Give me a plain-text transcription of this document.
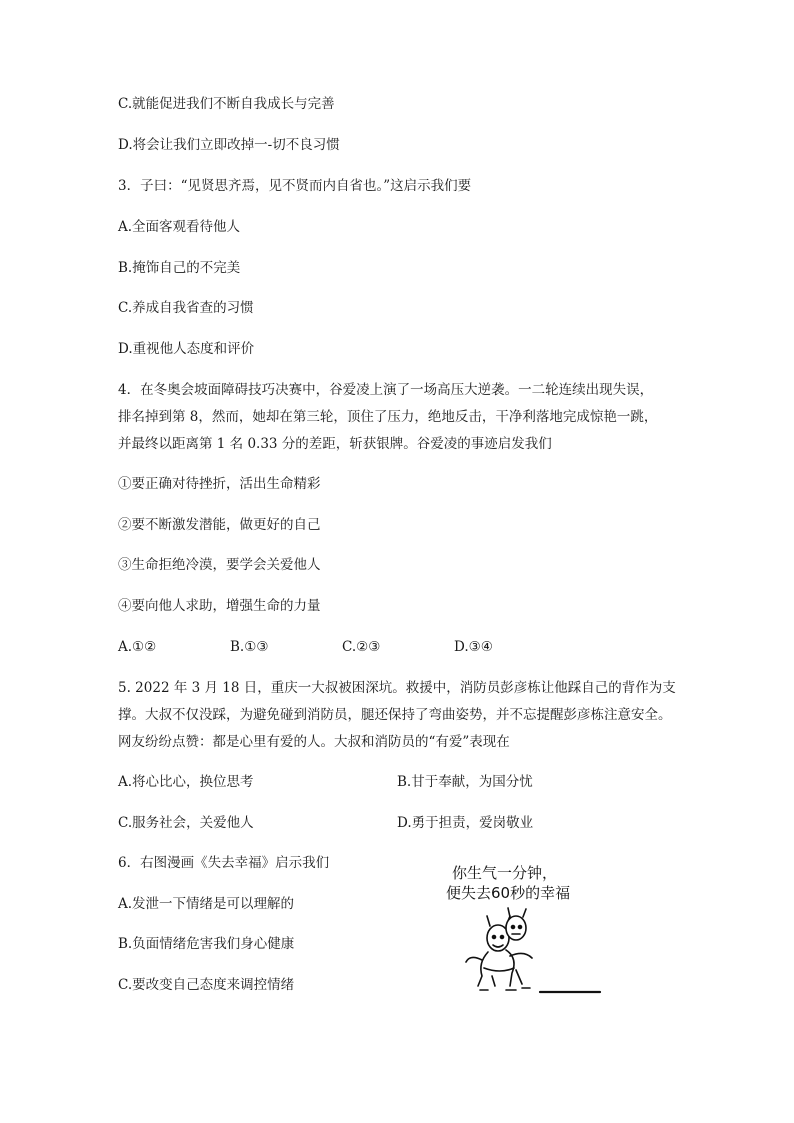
C.就能促进我们不断自我成长与完善
D.将会让我们立即改掉一-切不良习惯
3．子曰：“见贤思齐焉，见不贤而内自省也。”这启示我们要
A.全面客观看待他人
B.掩饰自己的不完美
C.养成自我省查的习惯
D.重视他人态度和评价
4．在冬奥会坡面障碍技巧决赛中，谷爱凌上演了一场高压大逆袭。一二轮连续出现失误，
排名掉到第 8，然而，她却在第三轮，顶住了压力，绝地反击，干净利落地完成惊艳一跳，
并最终以距离第 1 名 0.33 分的差距，斩获银牌。谷爱凌的事迹启发我们
①要正确对待挫折，活出生命精彩
②要不断激发潜能，做更好的自己
③生命拒绝冷漠，要学会关爱他人
④要向他人求助，增强生命的力量
A.①②	B.①③	C.②③	D.③④
5. 2022 年 3 月 18 日，重庆一大叔被困深坑。救援中，消防员彭彦栋让他踩自己的背作为支
撑。大叔不仅没踩，为避免碰到消防员，腿还保持了弯曲姿势，并不忘提醒彭彦栋注意安全。
网友纷纷点赞：都是心里有爱的人。大叔和消防员的“有爱”表现在
A.将心比心，换位思考	B.甘于奉献，为国分忧
C.服务社会，关爱他人	D.勇于担责，爱岗敬业
6．右图漫画《失去幸福》启示我们
A.发泄一下情绪是可以理解的
B.负面情绪危害我们身心健康
C.要改变自己态度来调控情绪
你生气一分钟，
便失去60秒的幸福
